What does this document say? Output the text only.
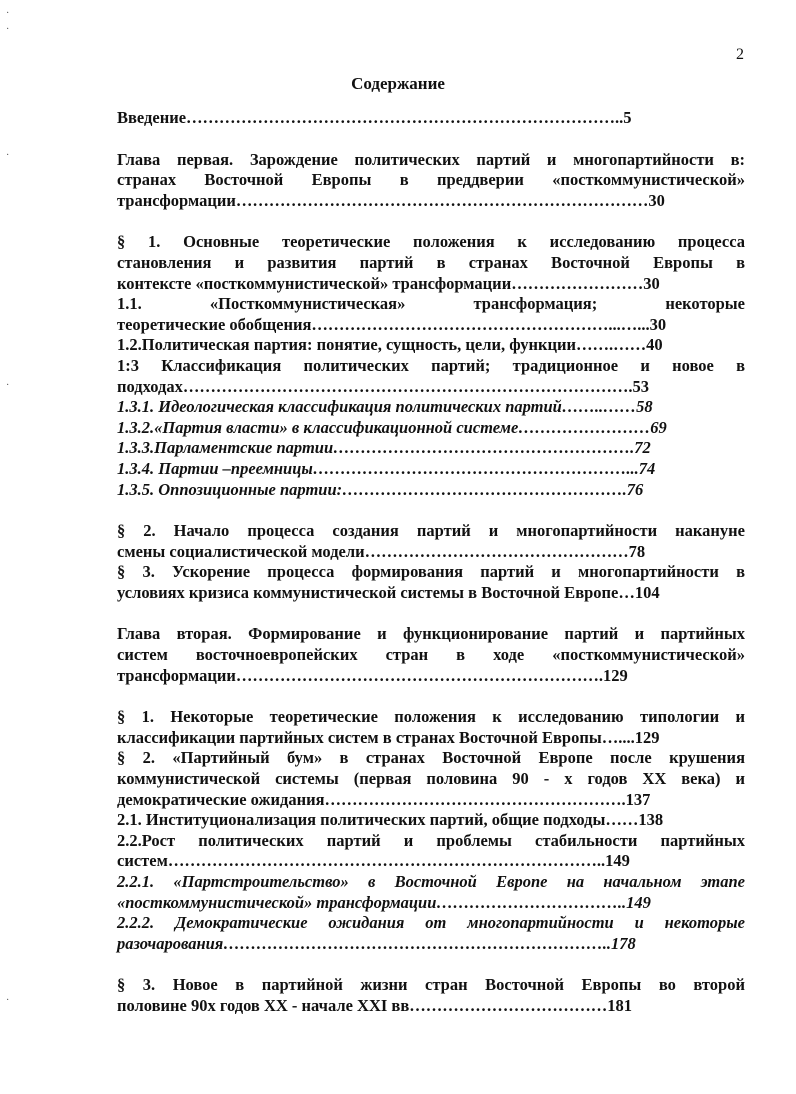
2
Содержание
Введение……………………………………………………………………..5
Глава первая. Зарождение политических партий и многопартийности в:
странах Восточной Европы в преддверии «посткоммунистической»
трансформации…………………………………………………………………30
§ 1. Основные теоретические положения к исследованию процесса
становления и развития партий в странах Восточной Европы в
контексте «посткоммунистической» трансформации……………………30
1.1. «Посткоммунистическая» трансформация; некоторые
теоретические обобщения………………………………………………...…...30
1.2.Политическая партия: понятие, сущность, цели, функции…….……40
1:3 Классификация политических партий; традиционное и новое в
подходах……………………………………………………………………….53
1.3.1. Идеологическая классификация политических партий……..……58
1.3.2.«Партия власти» в классификационной системе……………………69
1.3.3.Парламентские партии……………………………………………….72
1.3.4. Партии –преемницы…………………………………………………...74
1.3.5. Оппозиционные партии:…………………………………………….76
§ 2. Начало процесса создания партий и многопартийности накануне
смены социалистической модели…………………………………………78
§ 3. Ускорение процесса формирования партий и многопартийности в
условиях кризиса коммунистической системы в Восточной Европе…104
Глава вторая. Формирование и функционирование партий и партийных
систем восточноевропейских стран в ходе «посткоммунистической»
трансформации………………………………………………………….129
§ 1. Некоторые теоретические положения к исследованию типологии и
классификации партийных систем в странах Восточной Европы…....129
§ 2. «Партийный бум» в странах Восточной Европе после крушения
коммунистической системы (первая половина 90 - х годов XX века) и
демократические ожидания……………………………………………….137
2.1. Институционализация политических партий, общие подходы……138
2.2.Рост политических партий и проблемы стабильности партийных
систем……………………………………………………………………..149
2.2.1. «Партстроительство» в Восточной Европе на начальном этапе
«посткоммунистической» трансформации……………………………..149
2.2.2. Демократические ожидания от многопартийности и некоторые
разочарования……………………………………………………………..178
§ 3. Новое в партийной жизни стран Восточной Европы во второй
половине 90х годов XX - начале XXI вв………………………………181
·
·
·
·
·
